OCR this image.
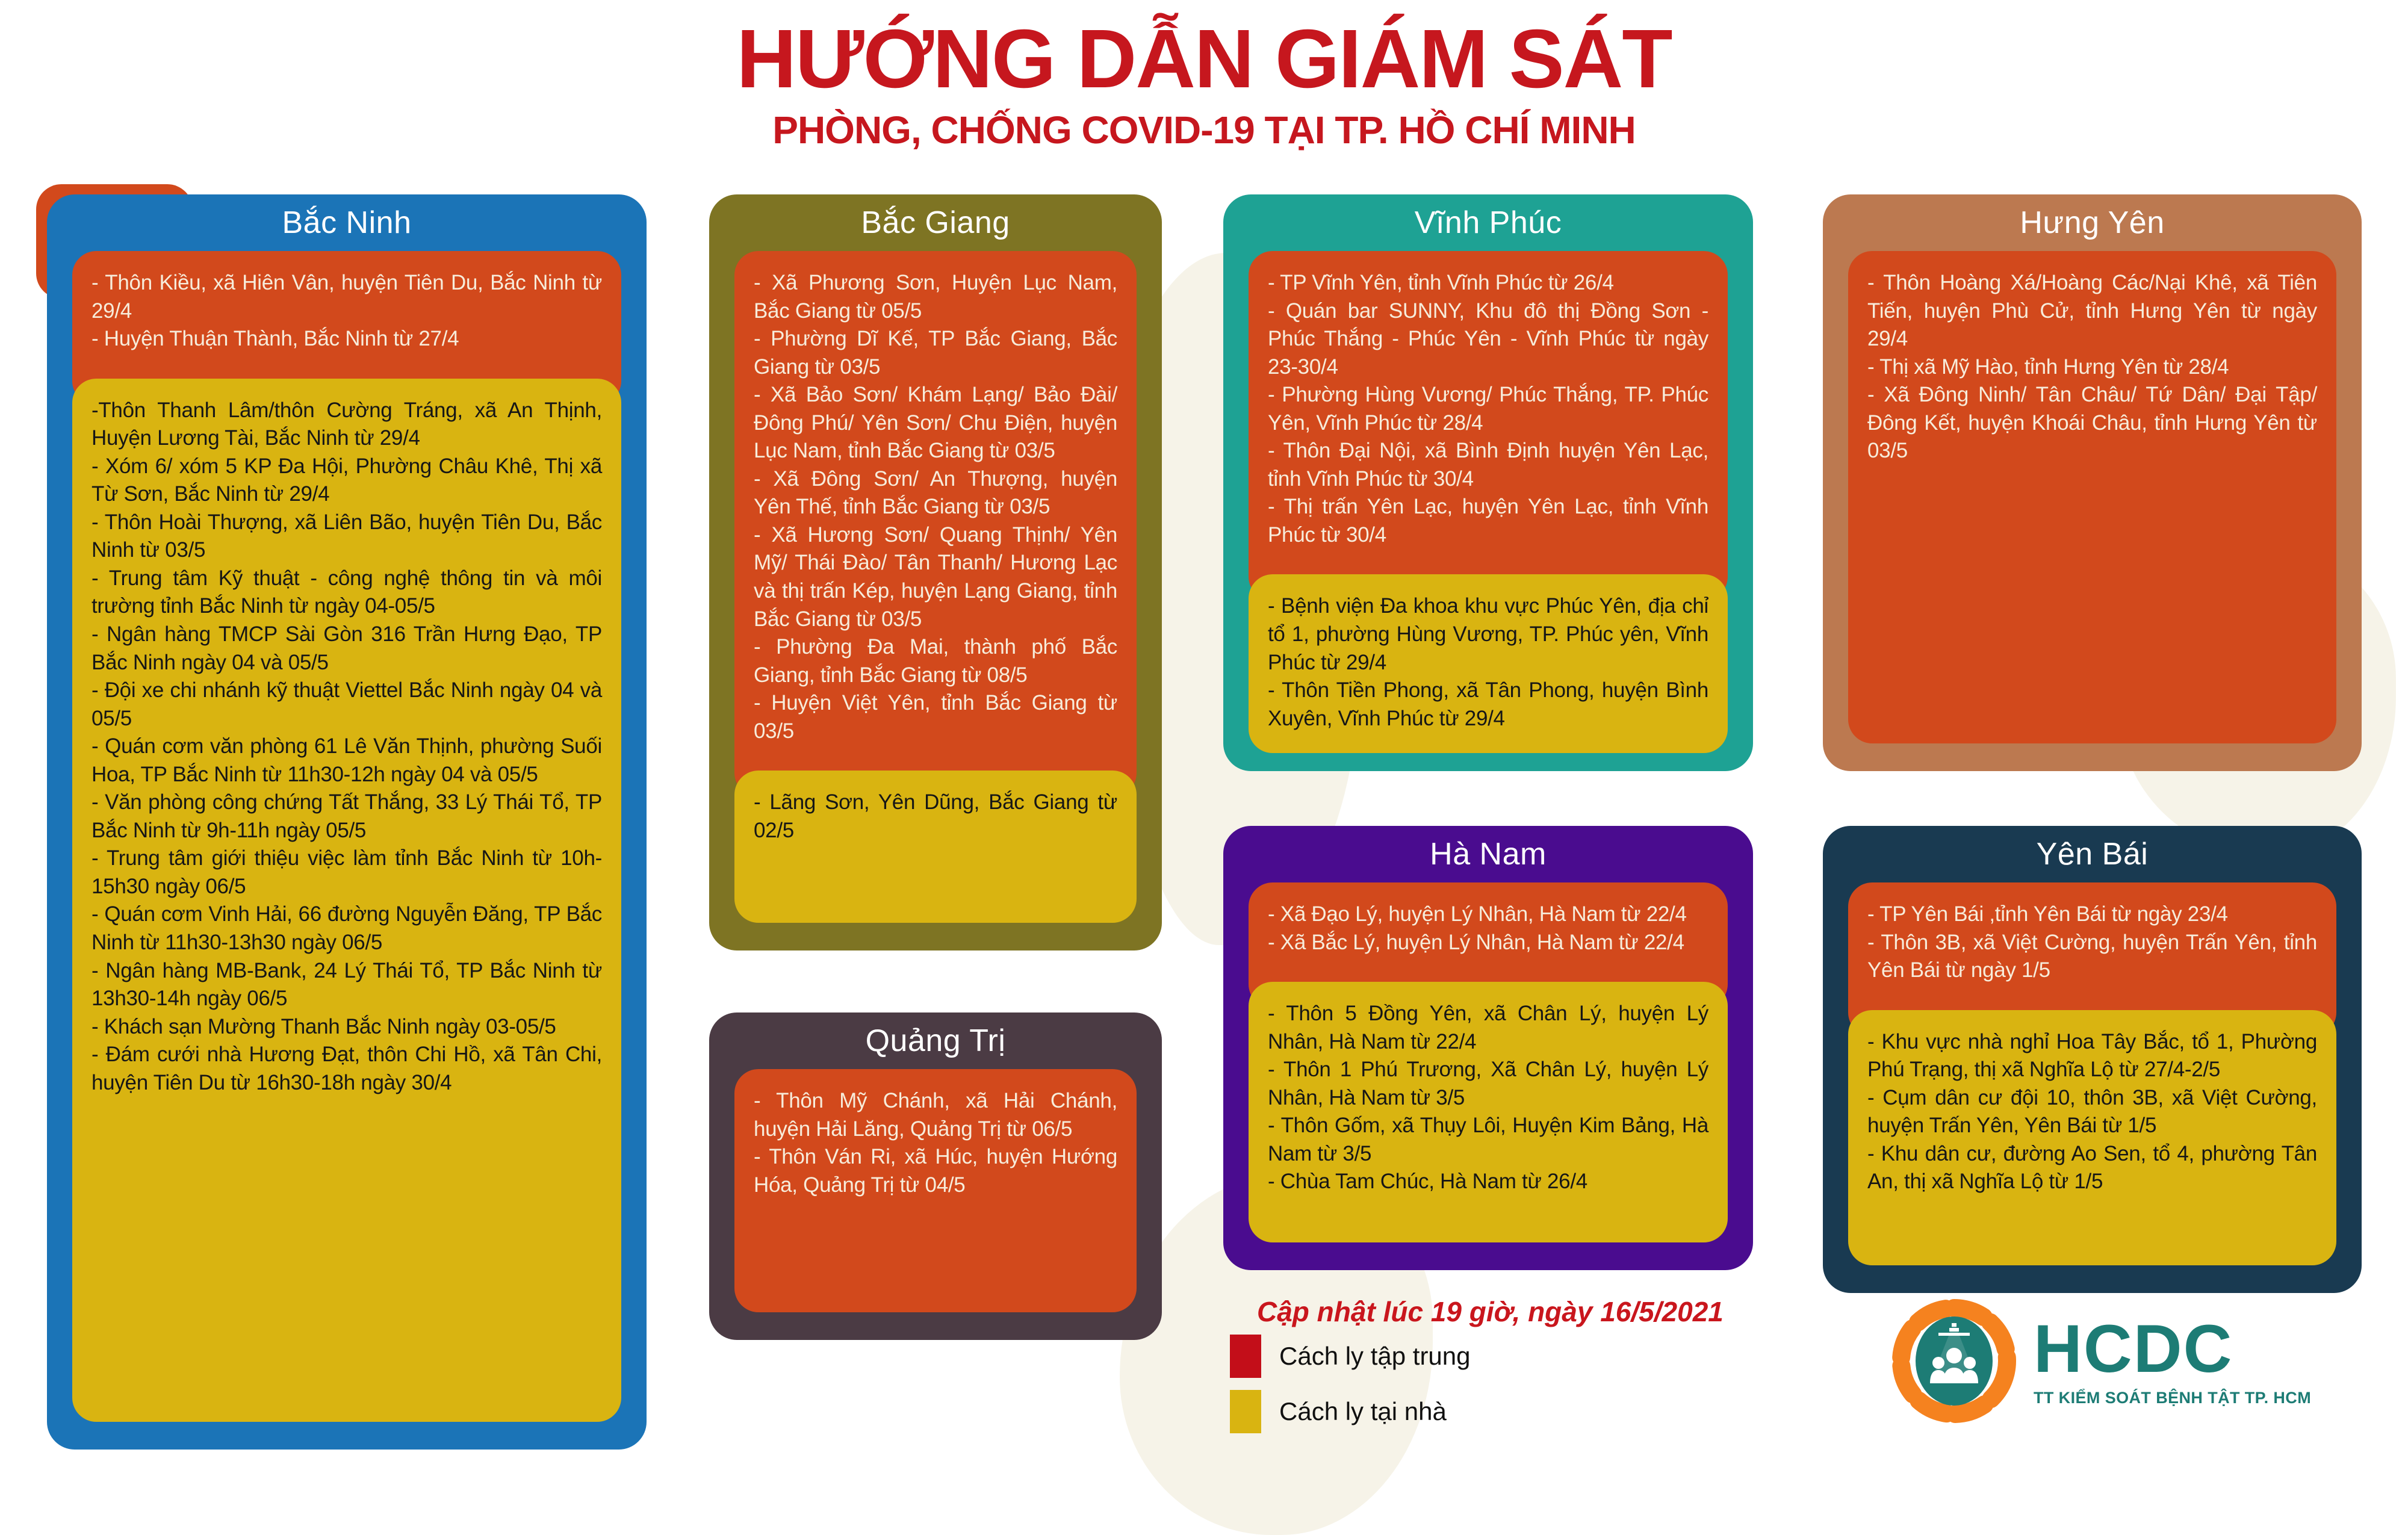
HƯỚNG DẪN GIÁM SÁT
PHÒNG, CHỐNG COVID-19 TẠI TP. HỒ CHÍ MINH
Bắc Ninh

- Thôn Kiều, xã Hiên Vân, huyện Tiên Du, Bắc Ninh từ 29/4

- Huyện Thuận Thành, Bắc Ninh từ 27/4

-Thôn Thanh Lâm/thôn Cường Tráng, xã An Thịnh, Huyện Lương Tài, Bắc Ninh từ 29/4

- Xóm 6/ xóm 5 KP Đa Hội, Phường Châu Khê, Thị xã Từ Sơn, Bắc Ninh từ 29/4

- Thôn Hoài Thượng, xã Liên Bão, huyện Tiên Du, Bắc Ninh từ 03/5

- Trung tâm Kỹ thuật - công nghệ thông tin và môi trường tỉnh Bắc Ninh từ ngày 04-05/5

- Ngân hàng TMCP Sài Gòn 316 Trần Hưng Đạo, TP Bắc Ninh ngày 04 và 05/5

- Đội xe chi nhánh kỹ thuật Viettel Bắc Ninh ngày 04 và 05/5

- Quán cơm văn phòng 61 Lê Văn Thịnh, phường Suối Hoa, TP Bắc Ninh từ 11h30-12h ngày 04 và 05/5

- Văn phòng công chứng Tất Thắng, 33 Lý Thái Tổ, TP Bắc Ninh từ 9h-11h ngày 05/5

- Trung tâm giới thiệu việc làm tỉnh Bắc Ninh từ 10h-15h30 ngày 06/5

- Quán cơm Vinh Hải, 66 đường Nguyễn Đăng, TP Bắc Ninh từ 11h30-13h30 ngày 06/5

- Ngân hàng MB-Bank, 24 Lý Thái Tổ, TP Bắc Ninh từ 13h30-14h ngày 06/5

- Khách sạn Mường Thanh Bắc Ninh ngày 03-05/5

- Đám cưới nhà Hương Đạt, thôn Chi Hồ, xã Tân Chi, huyện Tiên Du từ 16h30-18h ngày 30/4

Bắc Giang

- Xã Phương Sơn, Huyện Lục Nam, Bắc Giang từ 05/5

- Phường Dĩ Kế, TP Bắc Giang, Bắc Giang từ 03/5

- Xã Bảo Sơn/ Khám Lạng/ Bảo Đài/ Đông Phú/ Yên Sơn/ Chu Điện, huyện Lục Nam, tỉnh Bắc Giang từ 03/5

- Xã Đông Sơn/ An Thượng, huyện Yên Thế, tỉnh Bắc Giang từ 03/5

- Xã Hương Sơn/ Quang Thịnh/ Yên Mỹ/ Thái Đào/ Tân Thanh/ Hương Lạc và thị trấn Kép, huyện Lạng Giang, tỉnh Bắc Giang từ 03/5

- Phường Đa Mai, thành phố Bắc Giang, tỉnh Bắc Giang từ 08/5

- Huyện Việt Yên, tỉnh Bắc Giang từ 03/5

- Lãng Sơn, Yên Dũng, Bắc Giang từ 02/5

Vĩnh Phúc

- TP Vĩnh Yên, tỉnh Vĩnh Phúc từ 26/4

- Quán bar SUNNY, Khu đô thị Đồng Sơn - Phúc Thắng - Phúc Yên - Vĩnh Phúc từ ngày 23-30/4

- Phường Hùng Vương/ Phúc Thắng, TP. Phúc Yên, Vĩnh Phúc từ 28/4

- Thôn Đại Nội, xã Bình Định huyện Yên Lạc, tỉnh Vĩnh Phúc từ 30/4

- Thị trấn Yên Lạc, huyện Yên Lạc, tỉnh Vĩnh Phúc từ 30/4

- Bệnh viện Đa khoa khu vực Phúc Yên, địa chỉ tổ 1, phường Hùng Vương, TP. Phúc yên, Vĩnh Phúc từ 29/4

- Thôn Tiền Phong, xã Tân Phong, huyện Bình Xuyên, Vĩnh Phúc từ 29/4

Hưng Yên

- Thôn Hoàng Xá/Hoàng Các/Nại Khê, xã Tiên Tiến, huyện Phù Cử, tỉnh Hưng Yên từ ngày 29/4

- Thị xã Mỹ Hào, tỉnh Hưng Yên từ 28/4

- Xã Đông Ninh/ Tân Châu/ Tứ Dân/ Đại Tập/ Đông Kết, huyện Khoái Châu, tỉnh Hưng Yên từ 03/5

Quảng Trị

- Thôn Mỹ Chánh, xã Hải Chánh, huyện Hải Lăng, Quảng Trị từ 06/5

- Thôn Ván Ri, xã Húc, huyện Hướng Hóa, Quảng Trị từ 04/5

Hà Nam

- Xã Đạo Lý, huyện Lý Nhân, Hà Nam từ 22/4

- Xã Bắc Lý, huyện Lý Nhân, Hà Nam từ 22/4

- Thôn 5 Đồng Yên, xã Chân Lý, huyện Lý Nhân, Hà Nam từ 22/4

- Thôn 1 Phú Trương, Xã Chân Lý, huyện Lý Nhân, Hà Nam từ 3/5

- Thôn Gốm, xã Thụy Lôi, Huyện Kim Bảng, Hà Nam từ 3/5

- Chùa Tam Chúc, Hà Nam từ 26/4

Yên Bái

- TP Yên Bái ,tỉnh Yên Bái từ ngày 23/4

- Thôn 3B, xã Việt Cường, huyện Trấn Yên, tỉnh Yên Bái từ ngày 1/5

- Khu vực nhà nghỉ Hoa Tây Bắc, tổ 1, Phường Phú Trạng, thị xã Nghĩa Lộ từ 27/4-2/5

- Cụm dân cư đội 10, thôn 3B, xã Việt Cường, huyện Trấn Yên, Yên Bái từ 1/5

- Khu dân cư, đường Ao Sen, tổ 4, phường Tân An, thị xã Nghĩa Lộ từ 1/5

Cập nhật lúc 19 giờ, ngày 16/5/2021
Cách ly tập trung
Cách ly tại nhà
HCDC
TT KIỂM SOÁT BỆNH TẬT TP. HCM
